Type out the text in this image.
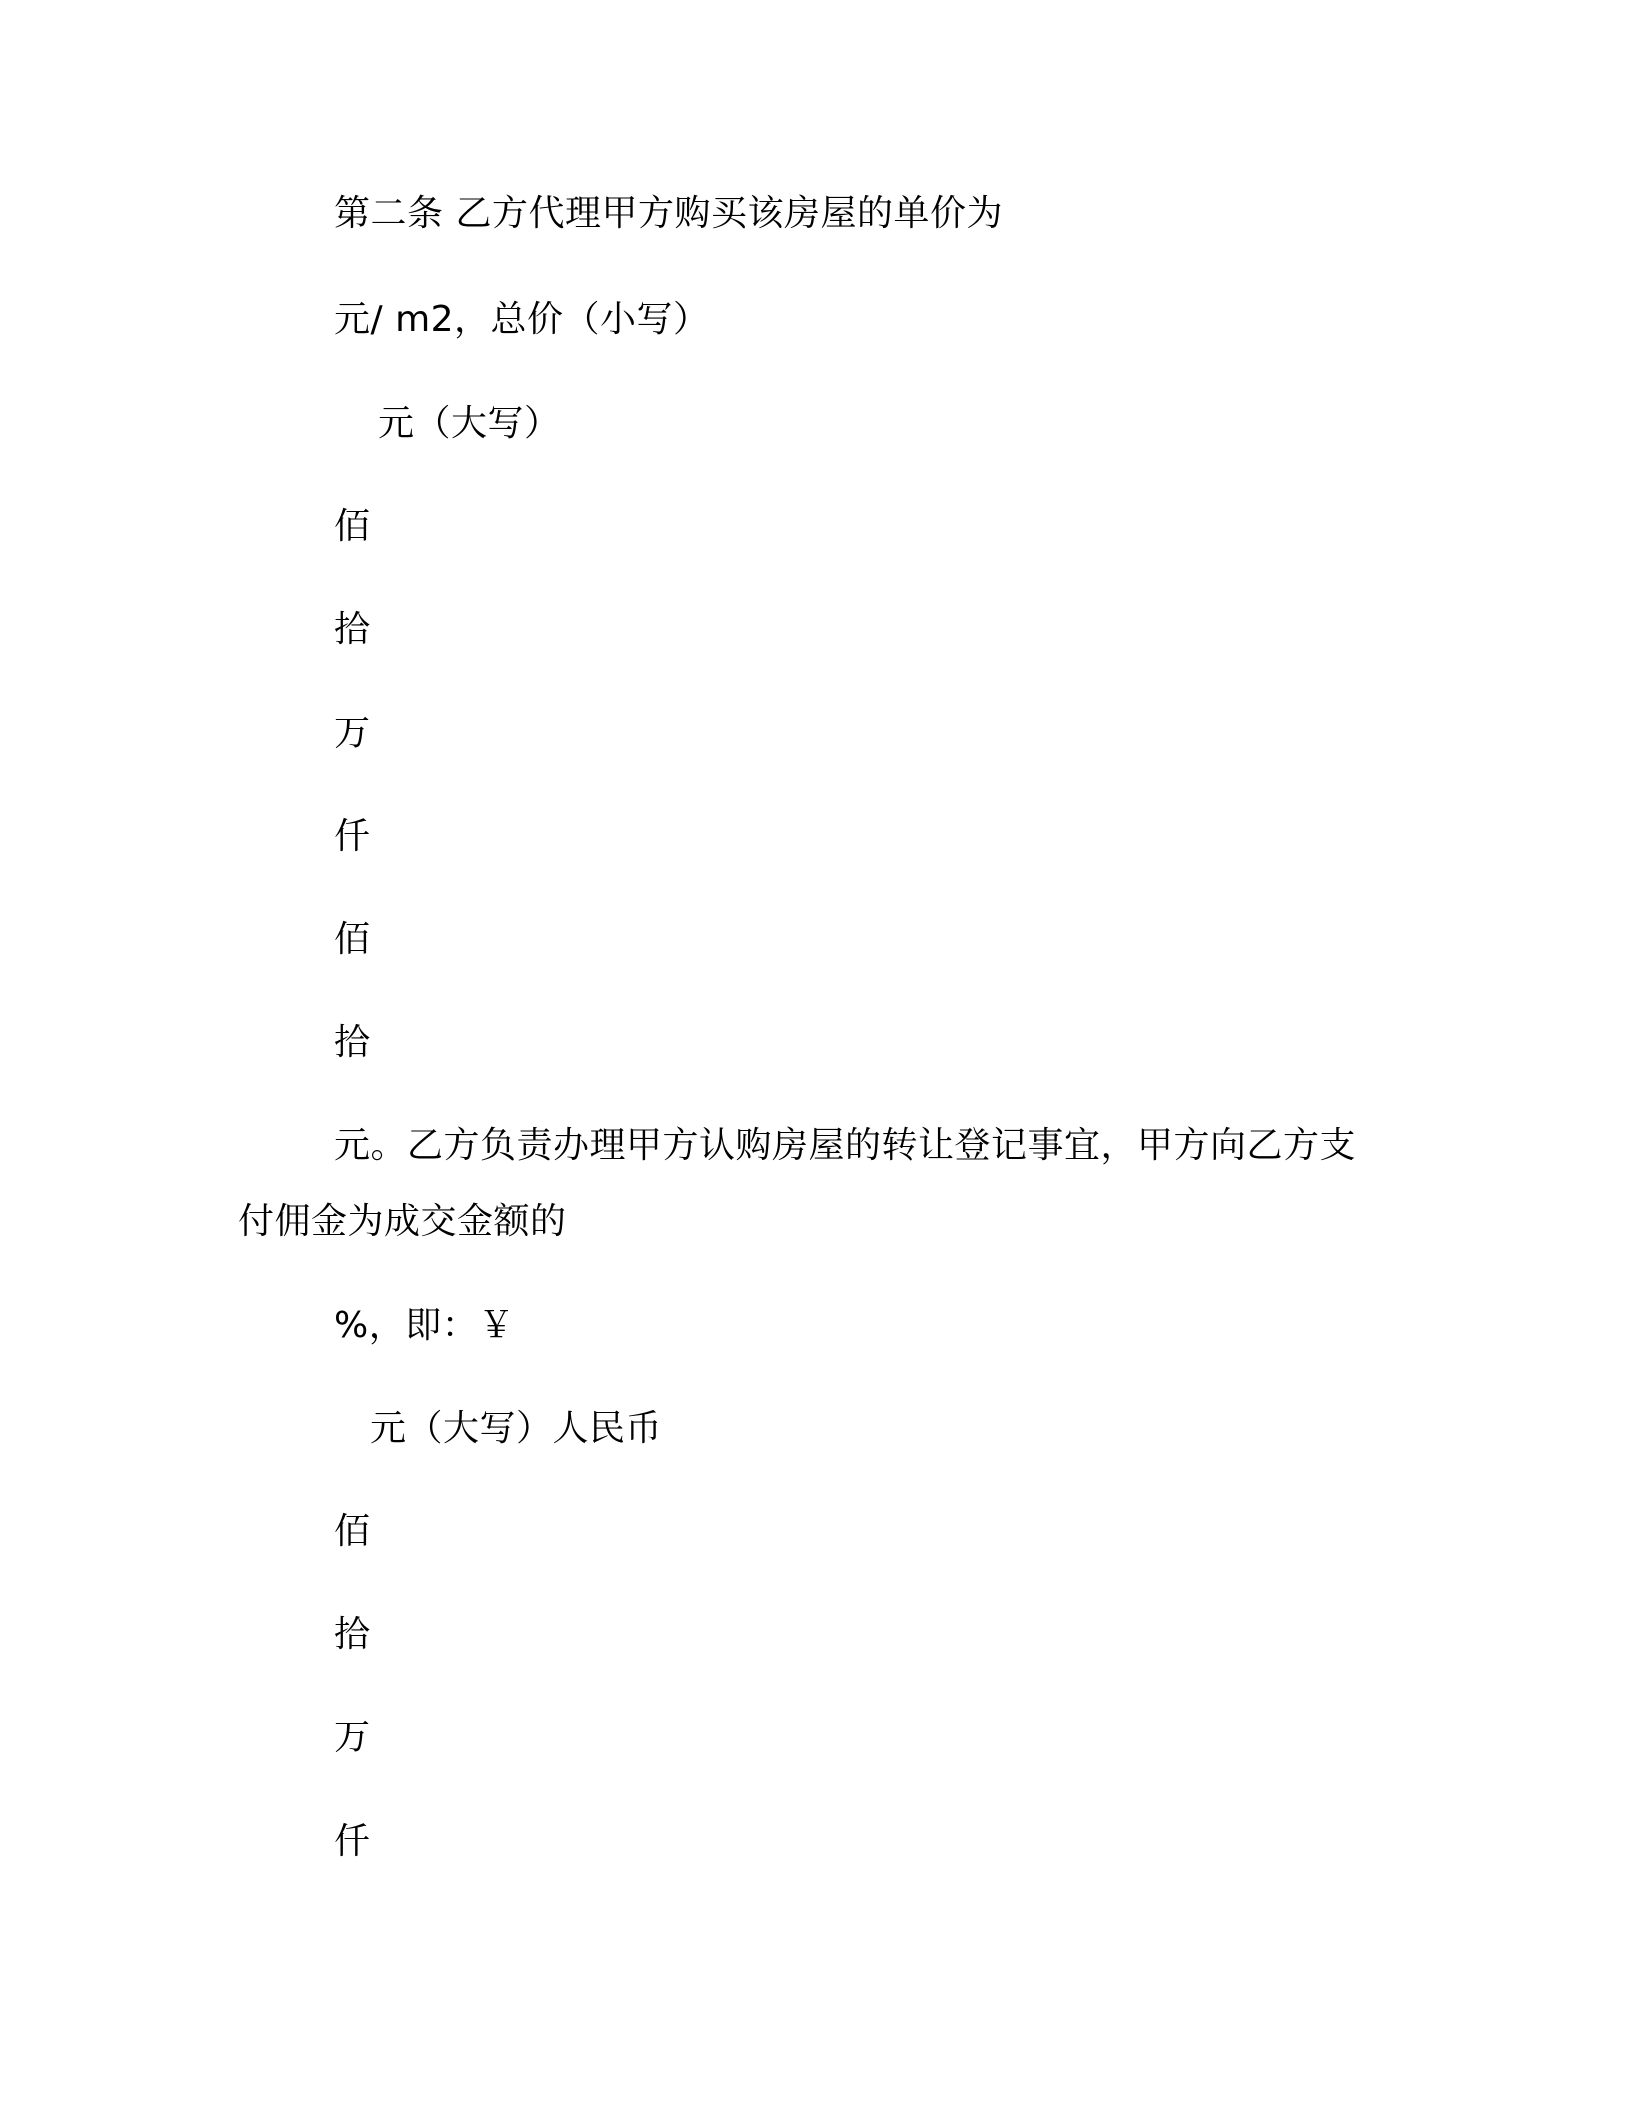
第二条 乙方代理甲方购买该房屋的单价为
元/ m2，总价（小写）
元（大写）
佰
拾
万
仟
佰
拾
元。乙方负责办理甲方认购房屋的转让登记事宜，甲方向乙方支
付佣金为成交金额的
%，即：￥
元（大写）人民币
佰
拾
万
仟
